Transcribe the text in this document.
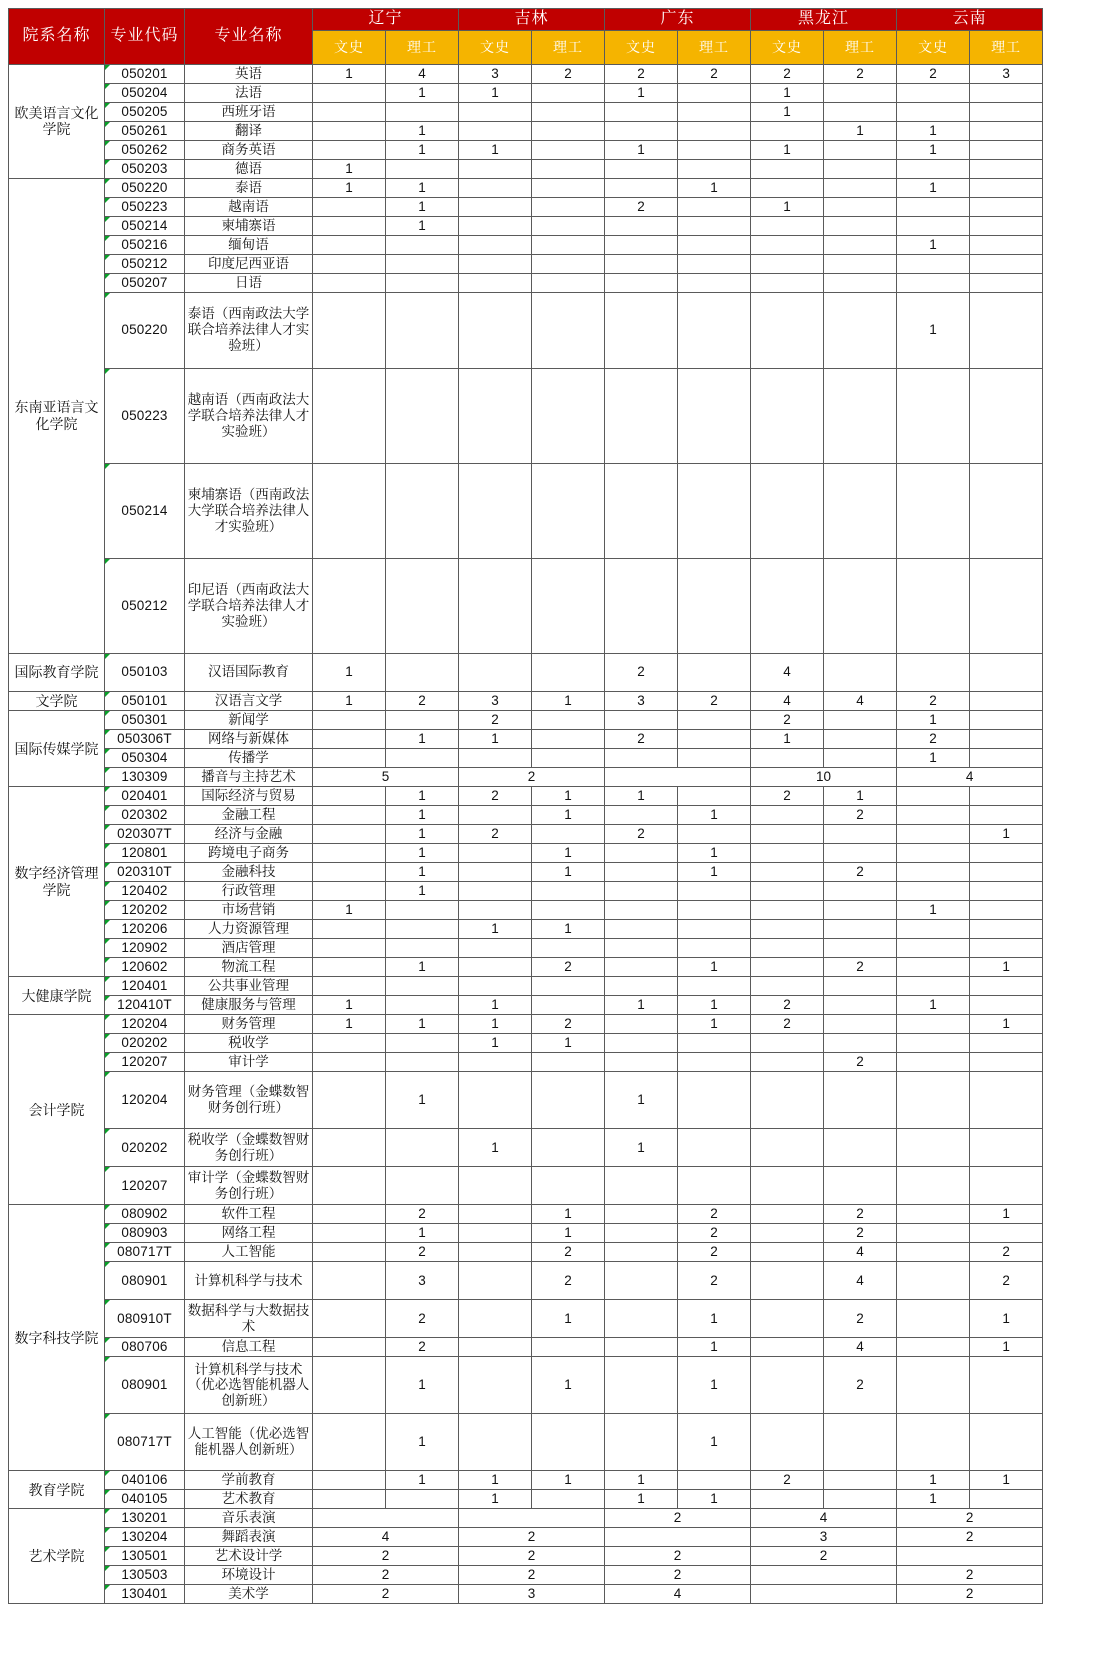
院系名称	专业代码	专业名称	辽宁		吉林		广东		黑龙江		云南	
			文史	理工	文史	理工	文史	理工	文史	理工	文史	理工
欧美语言文化学院	050201	英语	1	4	3	2	2	2	2	2	2	3
	050204	法语		1	1		1		1			
	050205	西班牙语							1			
	050261	翻译		1						1	1	
	050262	商务英语		1	1		1		1		1	
	050203	德语	1									
东南亚语言文化学院	050220	泰语	1	1				1			1	
	050223	越南语		1			2		1			
	050214	柬埔寨语		1								
	050216	缅甸语									1	
	050212	印度尼西亚语										
	050207	日语										
	050220	泰语（西南政法大学联合培养法律人才实验班）									1	
	050223	越南语（西南政法大学联合培养法律人才实验班）										
	050214	柬埔寨语（西南政法大学联合培养法律人才实验班）										
	050212	印尼语（西南政法大学联合培养法律人才实验班）										
国际教育学院	050103	汉语国际教育	1				2		4			
文学院	050101	汉语言文学	1	2	3	1	3	2	4	4	2	
国际传媒学院	050301	新闻学			2				2		1	
	050306T	网络与新媒体		1	1		2		1		2	
	050304	传播学									1	
	130309	播音与主持艺术	5		2				10		4	
数字经济管理学院	020401	国际经济与贸易		1	2	1	1		2	1		
	020302	金融工程		1		1		1		2		
	020307T	经济与金融		1	2		2					1
	120801	跨境电子商务		1		1		1				
	020310T	金融科技		1		1		1		2		
	120402	行政管理		1								
	120202	市场营销	1								1	
	120206	人力资源管理			1	1						
	120902	酒店管理										
	120602	物流工程		1		2		1		2		1
大健康学院	120401	公共事业管理										
	120410T	健康服务与管理	1		1		1	1	2		1	
会计学院	120204	财务管理	1	1	1	2		1	2			1
	020202	税收学			1	1						
	120207	审计学								2		
	120204	财务管理（金蝶数智财务创行班）		1			1					
	020202	税收学（金蝶数智财务创行班）			1		1					
	120207	审计学（金蝶数智财务创行班）										
数字科技学院	080902	软件工程		2		1		2		2		1
	080903	网络工程		1		1		2		2		
	080717T	人工智能		2		2		2		4		2
	080901	计算机科学与技术		3		2		2		4		2
	080910T	数据科学与大数据技术		2		1		1		2		1
	080706	信息工程		2				1		4		1
	080901	计算机科学与技术（优必选智能机器人创新班）		1		1		1		2		
	080717T	人工智能（优必选智能机器人创新班）		1				1				
教育学院	040106	学前教育		1	1	1	1		2		1	1
	040105	艺术教育			1		1	1			1	
艺术学院	130201	音乐表演					2		4		2	
	130204	舞蹈表演	4		2				3		2	
	130501	艺术设计学	2		2		2		2			
	130503	环境设计	2		2		2				2	
	130401	美术学	2		3		4				2	
